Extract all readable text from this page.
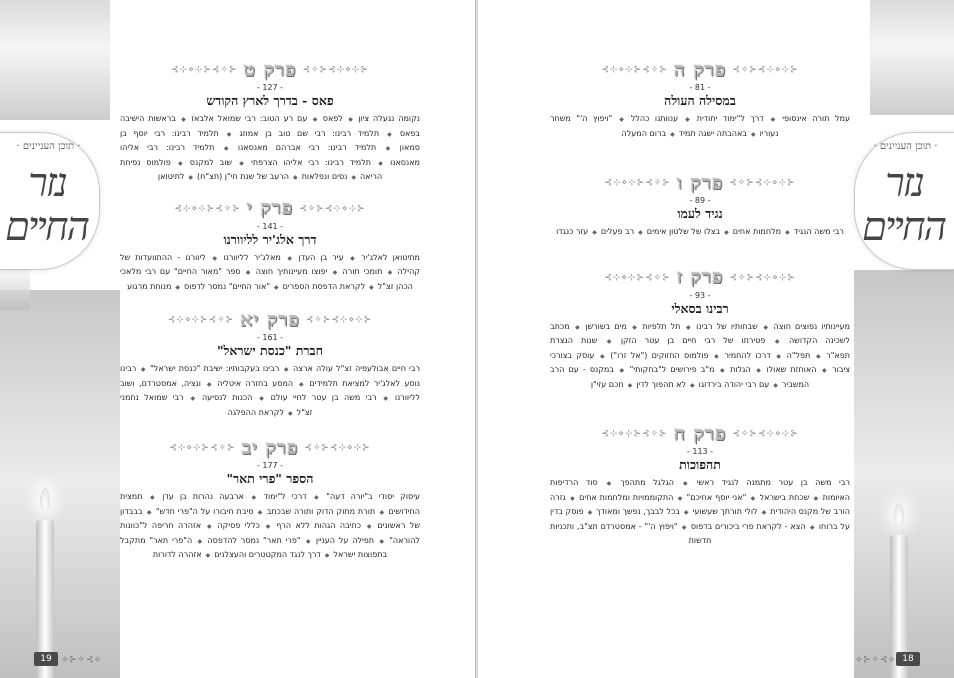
· תוכן העניינים ·
נזר החיים
⊰⊹⋄⊹⊱⊰✧⊱ פרק ט ⊰✧⊱⊰⊹⋄⊹⊱
- 127 -
פאס - בדרך לארץ הקודש
נקומה נגעלה ציון◆לפאס◆עם רע הטוב: רבי שמואל אלבאז◆בראשות הישיבה בפאס◆תלמיד רבינו: רבי שם טוב בן אמוזג◆תלמיד רבינו: רבי יוסף בן סמאון◆תלמיד רבינו: רבי אברהם מאנסאנו◆תלמיד רבינו: רבי אליהו מאנסאנו◆תלמיד רבינו: רבי אליהו הצרפתי◆שוב למקנס◆פולמוס נפיחת הריאה◆נסים ונפלאות◆הרעב של שנת חי"ן (תצ"ח)◆לתיטואן
⊰⊹⋄⊹⊱⊰✧⊱ פרק י ⊰✧⊱⊰⊹⋄⊹⊱
- 141 -
דרך אלג'יר לליוורנו
מתיטואן לאלג'יר◆עיר בן העדן◆מאלג'יר לליוורנו◆ליוורנו - ההתוועדות של קהילה◆תומכי תורה◆יפוצו מעיינותיך חוצה◆ספר "מאור החיים" עם רבי מלאכי הכהן זצ"ל◆לקראת הדפסת הספרים◆"אור החיים" נמסר לדפוס◆מנוחת מרגוע
⊰⊹⋄⊹⊱⊰✧⊱ פרק יא ⊰✧⊱⊰⊹⋄⊹⊱
- 161 -
חברת "כנסת ישראל"
רבי חיים אבולעפיה זצ"ל עולה ארצה◆רבינו בעקבותיו: ישיבת "כנסת ישראל"◆רבינו נוסע לאלג'יר למציאת תלמידים◆המסע בחזרה איטליה◆ונציה, אמסטרדם, ושוב לליוורנו◆רבי משה בן עטר לחיי עולם◆הכנות לנסיעה◆רבי שמואל נחמני זצ"ל◆לקראת ההפלגה
⊰⊹⋄⊹⊱⊰✧⊱ פרק יב ⊰✧⊱⊰⊹⋄⊹⊱
- 177 -
הספר "פרי תאר"
עיסוק יסודי ב"יורה דעה"◆דרכי ל"ימוד◆ארבעה נהרות בן עדן◆תמצית החידושים◆תורת מתוק הדוק ותורה שבכתב◆סיבת חיבורו על ה"פרי חדש"◆בבבדון של ראשונים◆כתיבה הגהות ללא הרף◆כללי פסיקה◆אזהרה חריפה ל"כוונות להוראה"◆תפילה על העניין◆"פרי תאר" נמסר להדפסה◆ה"פרי תאר" מתקבל בתפוצות ישראל◆דרך לנגד המקטטרים והעצלנים◆אזהרה לדורות
19	⟡⊱✧⊰⟡
· תוכן העניינים ·
נזר החיים
⊰⊹⋄⊹⊱⊰✧⊱ פרק ה ⊰✧⊱⊰⊹⋄⊹⊱
- 81 -
במסילה העולה
עמל תורה אינסופי◆דרך ל"ימוד יחודית◆ענוותנו כהלל◆"ויפוץ ה'" משחר נעוריו◆באהבתה ישגה תמיד◆ברום המעלה
⊰⊹⋄⊹⊱⊰✧⊱ פרק ו ⊰✧⊱⊰⊹⋄⊹⊱
- 89 -
נגיד לעמו
רבי משה הנגיד◆מלחמות אחים◆בצלו של שלטון אימים◆רב פעלים◆עזר כנגדו
⊰⊹⋄⊹⊱⊰✧⊱ פרק ז ⊰✧⊱⊰⊹⋄⊹⊱
- 93 -
רבינו בסאלי
מעיינותיו נפוצים חוצה◆שבחותיו של רבינו◆תל תלפיות◆מים בשורשן◆מכתב לשכינה הקדושה◆פטירתו של רבי חיים בן עטר הזקן◆שנות הנצרת תפא"ר◆תפל"ה◆דרכו להחמיר◆פולמוס החזוקים ("אל זרו")◆עוסק בצורכי ציבור◆האוחזת שאולו◆הגלות◆מ"ב פירושים ל"בחקותי"◆במקנס - עם הרב המשביר◆עם רבי יהודה בירדוגו◆לא תהפוך לדין◆חכם עזי"ן
⊰⊹⋄⊹⊱⊰✧⊱ פרק ח ⊰✧⊱⊰⊹⋄⊹⊱
- 113 -
תהפוכות
רבי משה בן עטר מתמנה לנגיד ראשי◆הגלגל מתהפך◆סוד הרדיפות האיומות◆שכחת בישראל◆"אני יוסף אחיכם"◆התקוממויות ומלחמות אחים◆גזרה הורב של מקנס היהודית◆לולי תורתך שעשועי◆בכל לבבך, נפשך ומאודך◆פוסק בדין על ברוחו◆הצא - לקראת פרי ביכורים בדפוס◆"ויפוץ ה'" - אמסטרדם תצ"ב, ותכניות חדשות
18
⟡⊱✧⊰⟡
